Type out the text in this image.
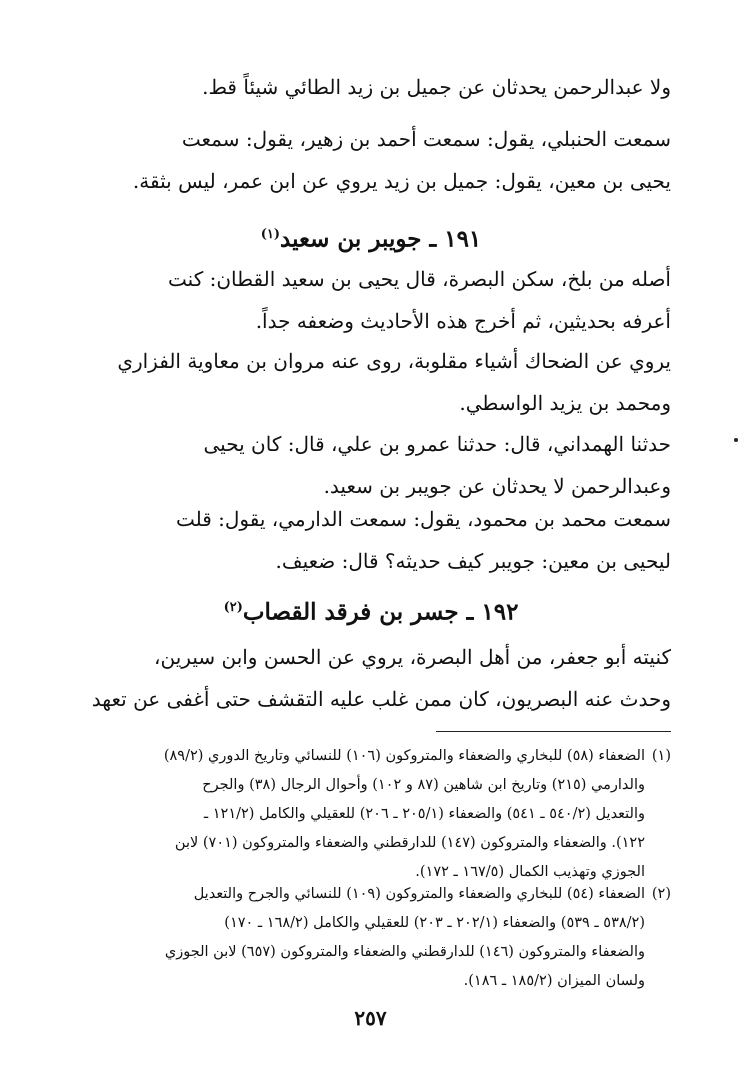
ولا عبدالرحمن يحدثان عن جميل بن زيد الطائي شيئاً قط.

سمعت الحنبلي، يقول: سمعت أحمد بن زهير، يقول: سمعت

يحيى بن معين، يقول: جميل بن زيد يروي عن ابن عمر، ليس بثقة.

١٩١ ـ جويبر بن سعيد$^{(١)}$

أصله من بلخ، سكن البصرة، قال يحيى بن سعيد القطان: كنت

أعرفه بحديثين، ثم أخرج هذه الأحاديث وضعفه جداً.

يروي عن الضحاك أشياء مقلوبة، روى عنه مروان بن معاوية الفزاري

ومحمد بن يزيد الواسطي.

حدثنا الهمداني، قال: حدثنا عمرو بن علي، قال: كان يحيى

وعبدالرحمن لا يحدثان عن جويبر بن سعيد.

سمعت محمد بن محمود، يقول: سمعت الدارمي، يقول: قلت

ليحيى بن معين: جويبر كيف حديثه؟ قال: ضعيف.

١٩٢ ـ جسر بن فرقد القصاب$^{(٢)}$

كنيته أبو جعفر، من أهل البصرة، يروي عن الحسن وابن سيرين،

وحدث عنه البصريون، كان ممن غلب عليه التقشف حتى أغفى عن تعهد

(١)الضعفاء (٥٨) للبخاري والضعفاء والمتروكون (١٠٦) للنسائي وتاريخ الدوري (٨٩/٢)
والدارمي (٢١٥) وتاريخ ابن شاهين (٨٧ و ١٠٢) وأحوال الرجال (٣٨) والجرح
والتعديل (٥٤٠/٢ ـ ٥٤١) والضعفاء (٢٠٥/١ ـ ٢٠٦) للعقيلي والكامل (١٢١/٢ ـ
١٢٢). والضعفاء والمتروكون (١٤٧) للدارقطني والضعفاء والمتروكون (٧٠١) لابن
الجوزي وتهذيب الكمال (١٦٧/٥ ـ ١٧٢).
(٢)الضعفاء (٥٤) للبخاري والضعفاء والمتروكون (١٠٩) للنسائي والجرح والتعديل
(٥٣٨/٢ ـ ٥٣٩) والضعفاء (٢٠٢/١ ـ ٢٠٣) للعقيلي والكامل (١٦٨/٢ ـ ١٧٠)
والضعفاء والمتروكون (١٤٦) للدارقطني والضعفاء والمتروكون (٦٥٧) لابن الجوزي
ولسان الميزان (١٨٥/٢ ـ ١٨٦).
٢٥٧
